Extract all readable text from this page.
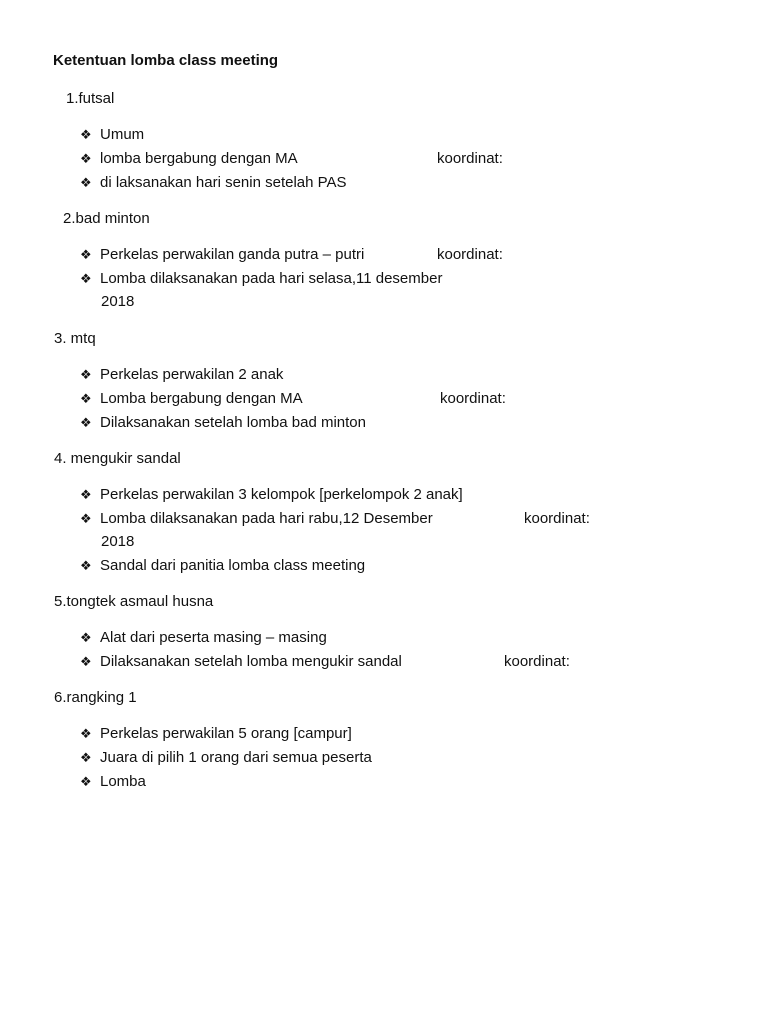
Ketentuan lomba class meeting
1.futsal
❖ Umum
❖ lomba bergabung dengan MA	koordinat:
❖ di laksanakan hari senin setelah PAS
2.bad minton
❖ Perkelas perwakilan ganda putra – putri	koordinat:
❖ Lomba dilaksanakan pada hari selasa,11 desember
2018
3. mtq
❖ Perkelas perwakilan 2 anak
❖ Lomba bergabung dengan MA	koordinat:
❖ Dilaksanakan setelah lomba bad minton
4. mengukir sandal
❖ Perkelas perwakilan 3 kelompok [perkelompok 2 anak]
❖ Lomba dilaksanakan pada hari rabu,12 Desember	koordinat:
2018
❖ Sandal dari panitia lomba class meeting
5.tongtek asmaul husna
❖ Alat dari peserta masing – masing
❖ Dilaksanakan setelah lomba mengukir sandal	koordinat:
6.rangking 1
❖ Perkelas perwakilan 5 orang [campur]
❖ Juara di pilih 1 orang dari semua peserta
❖ Lomba
